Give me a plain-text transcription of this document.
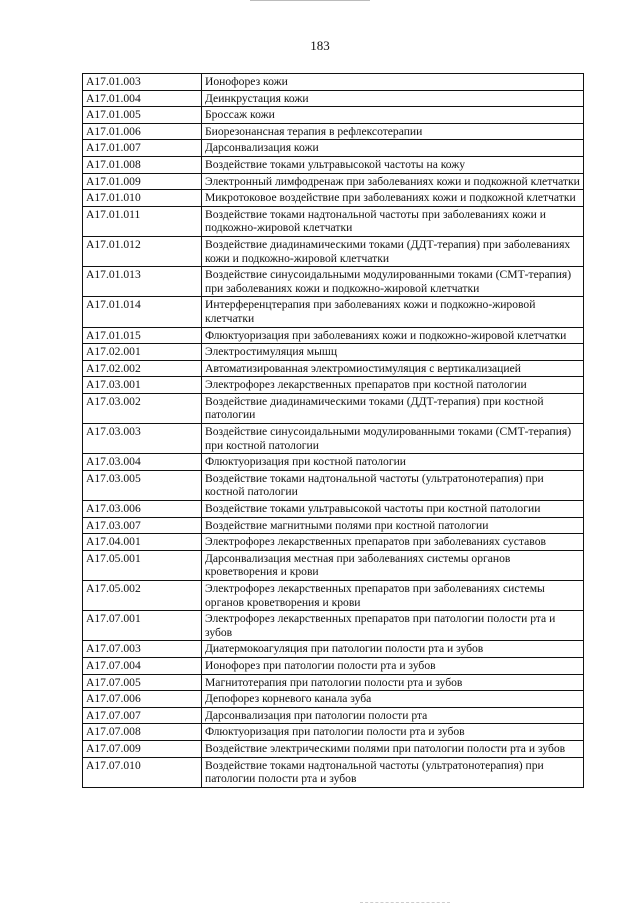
183
A17.01.003	Ионофорез кожи
A17.01.004	Деинкрустация кожи
A17.01.005	Броссаж кожи
A17.01.006	Биорезонансная терапия в рефлексотерапии
A17.01.007	Дарсонвализация кожи
A17.01.008	Воздействие токами ультравысокой частоты на кожу
A17.01.009	Электронный лимфодренаж при заболеваниях кожи и подкожной клетчатки
A17.01.010	Микротоковое воздействие при заболеваниях кожи и подкожной клетчатки
A17.01.011	Воздействие токами надтональной частоты при заболеваниях кожи и подкожно-жировой клетчатки
A17.01.012	Воздействие диадинамическими токами (ДДТ-терапия) при заболеваниях кожи и подкожно-жировой клетчатки
A17.01.013	Воздействие синусоидальными модулированными токами (СМТ-терапия) при заболеваниях кожи и подкожно-жировой клетчатки
A17.01.014	Интерференцтерапия при заболеваниях кожи и подкожно-жировой клетчатки
A17.01.015	Флюктуоризация при заболеваниях кожи и подкожно-жировой клетчатки
A17.02.001	Электростимуляция мышц
A17.02.002	Автоматизированная электромиостимуляция с вертикализацией
A17.03.001	Электрофорез лекарственных препаратов при костной патологии
A17.03.002	Воздействие диадинамическими токами (ДДТ-терапия) при костной патологии
A17.03.003	Воздействие синусоидальными модулированными токами (СМТ-терапия) при костной патологии
A17.03.004	Флюктуоризация при костной патологии
A17.03.005	Воздействие токами надтональной частоты (ультратонотерапия) при костной патологии
A17.03.006	Воздействие токами ультравысокой частоты при костной патологии
A17.03.007	Воздействие магнитными полями при костной патологии
A17.04.001	Электрофорез лекарственных препаратов при заболеваниях суставов
A17.05.001	Дарсонвализация местная при заболеваниях системы органов кроветворения и крови
A17.05.002	Электрофорез лекарственных препаратов при заболеваниях системы органов кроветворения и крови
A17.07.001	Электрофорез лекарственных препаратов при патологии полости рта и зубов
A17.07.003	Диатермокоагуляция при патологии полости рта и зубов
A17.07.004	Ионофорез при патологии полости рта и зубов
A17.07.005	Магнитотерапия при патологии полости рта и зубов
A17.07.006	Депофорез корневого канала зуба
A17.07.007	Дарсонвализация при патологии полости рта
A17.07.008	Флюктуоризация при патологии полости рта и зубов
A17.07.009	Воздействие электрическими полями при патологии полости рта и зубов
A17.07.010	Воздействие токами надтональной частоты (ультратонотерапия) при патологии полости рта и зубов
